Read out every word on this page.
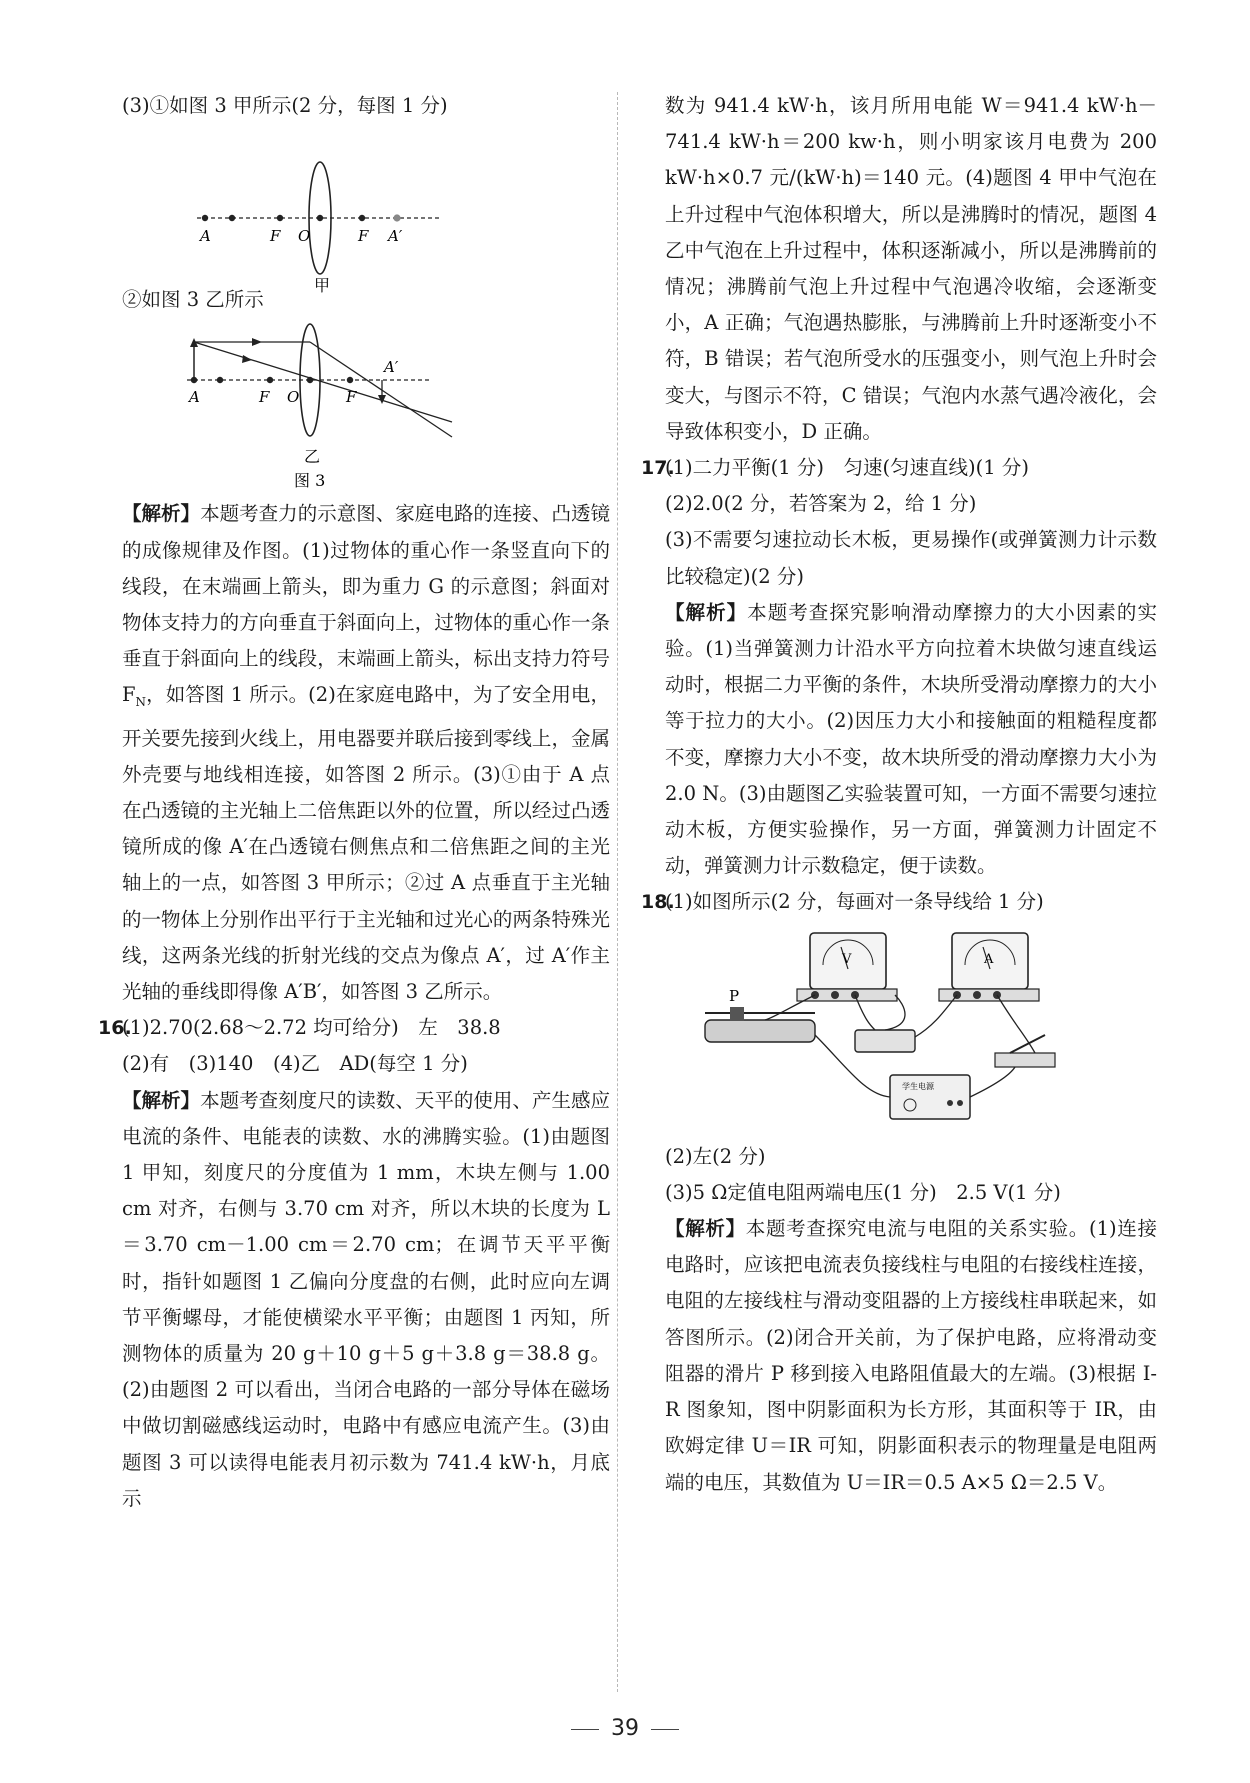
(3)①如图 3 甲所示(2 分，每图 1 分)

A	F O	F A′
甲

②如图 3 乙所示

A	F O	F
A′
乙
图 3

【解析】本题考查力的示意图、家庭电路的连接、凸透镜的成像规律及作图。(1)过物体的重心作一条竖直向下的线段，在末端画上箭头，即为重力 G 的示意图；斜面对物体支持力的方向垂直于斜面向上，过物体的重心作一条垂直于斜面向上的线段，末端画上箭头，标出支持力符号 $F_N$，如答图 1 所示。(2)在家庭电路中，为了安全用电，开关要先接到火线上，用电器要并联后接到零线上，金属外壳要与地线相连接，如答图 2 所示。(3)①由于 A 点在凸透镜的主光轴上二倍焦距以外的位置，所以经过凸透镜所成的像 A′在凸透镜右侧焦点和二倍焦距之间的主光轴上的一点，如答图 3 甲所示；②过 A 点垂直于主光轴的一物体上分别作出平行于主光轴和过光心的两条特殊光线，这两条光线的折射光线的交点为像点 A′，过 A′作主光轴的垂线即得像 A′B′，如答图 3 乙所示。

16.(1)2.70(2.68～2.72 均可给分)　左　38.8

(2)有　(3)140　(4)乙　AD(每空 1 分)

【解析】本题考查刻度尺的读数、天平的使用、产生感应电流的条件、电能表的读数、水的沸腾实验。(1)由题图 1 甲知，刻度尺的分度值为 1 mm，木块左侧与 1.00 cm 对齐，右侧与 3.70 cm 对齐，所以木块的长度为 L＝3.70 cm－1.00 cm＝2.70 cm；在调节天平平衡时，指针如题图 1 乙偏向分度盘的右侧，此时应向左调节平衡螺母，才能使横梁水平平衡；由题图 1 丙知，所测物体的质量为 20 g＋10 g＋5 g＋3.8 g＝38.8 g。(2)由题图 2 可以看出，当闭合电路的一部分导体在磁场中做切割磁感线运动时，电路中有感应电流产生。(3)由题图 3 可以读得电能表月初示数为 741.4 kW·h，月底示

数为 941.4 kW·h，该月所用电能 W＝941.4 kW·h－741.4 kW·h＝200 kw·h，则小明家该月电费为 200 kW·h×0.7 元/(kW·h)＝140 元。(4)题图 4 甲中气泡在上升过程中气泡体积增大，所以是沸腾时的情况，题图 4 乙中气泡在上升过程中，体积逐渐减小，所以是沸腾前的情况；沸腾前气泡上升过程中气泡遇冷收缩，会逐渐变小，A 正确；气泡遇热膨胀，与沸腾前上升时逐渐变小不符，B 错误；若气泡所受水的压强变小，则气泡上升时会变大，与图示不符，C 错误；气泡内水蒸气遇冷液化，会导致体积变小，D 正确。

17.(1)二力平衡(1 分)　匀速(匀速直线)(1 分)

(2)2.0(2 分，若答案为 2，给 1 分)

(3)不需要匀速拉动长木板，更易操作(或弹簧测力计示数比较稳定)(2 分)

【解析】本题考查探究影响滑动摩擦力的大小因素的实验。(1)当弹簧测力计沿水平方向拉着木块做匀速直线运动时，根据二力平衡的条件，木块所受滑动摩擦力的大小等于拉力的大小。(2)因压力大小和接触面的粗糙程度都不变，摩擦力大小不变，故木块所受的滑动摩擦力大小为 2.0 N。(3)由题图乙实验装置可知，一方面不需要匀速拉动木板，方便实验操作，另一方面，弹簧测力计固定不动，弹簧测力计示数稳定，便于读数。

18.(1)如图所示(2 分，每画对一条导线给 1 分)

V	A
P
学生电源

(2)左(2 分)

(3)5 Ω定值电阻两端电压(1 分)　2.5 V(1 分)

【解析】本题考查探究电流与电阻的关系实验。(1)连接电路时，应该把电流表负接线柱与电阻的右接线柱连接，电阻的左接线柱与滑动变阻器的上方接线柱串联起来，如答图所示。(2)闭合开关前，为了保护电路，应将滑动变阻器的滑片 P 移到接入电路阻值最大的左端。(3)根据 I-R 图象知，图中阴影面积为长方形，其面积等于 IR，由欧姆定律 U＝IR 可知，阴影面积表示的物理量是电阻两端的电压，其数值为 U＝IR＝0.5 A×5 Ω＝2.5 V。

39
